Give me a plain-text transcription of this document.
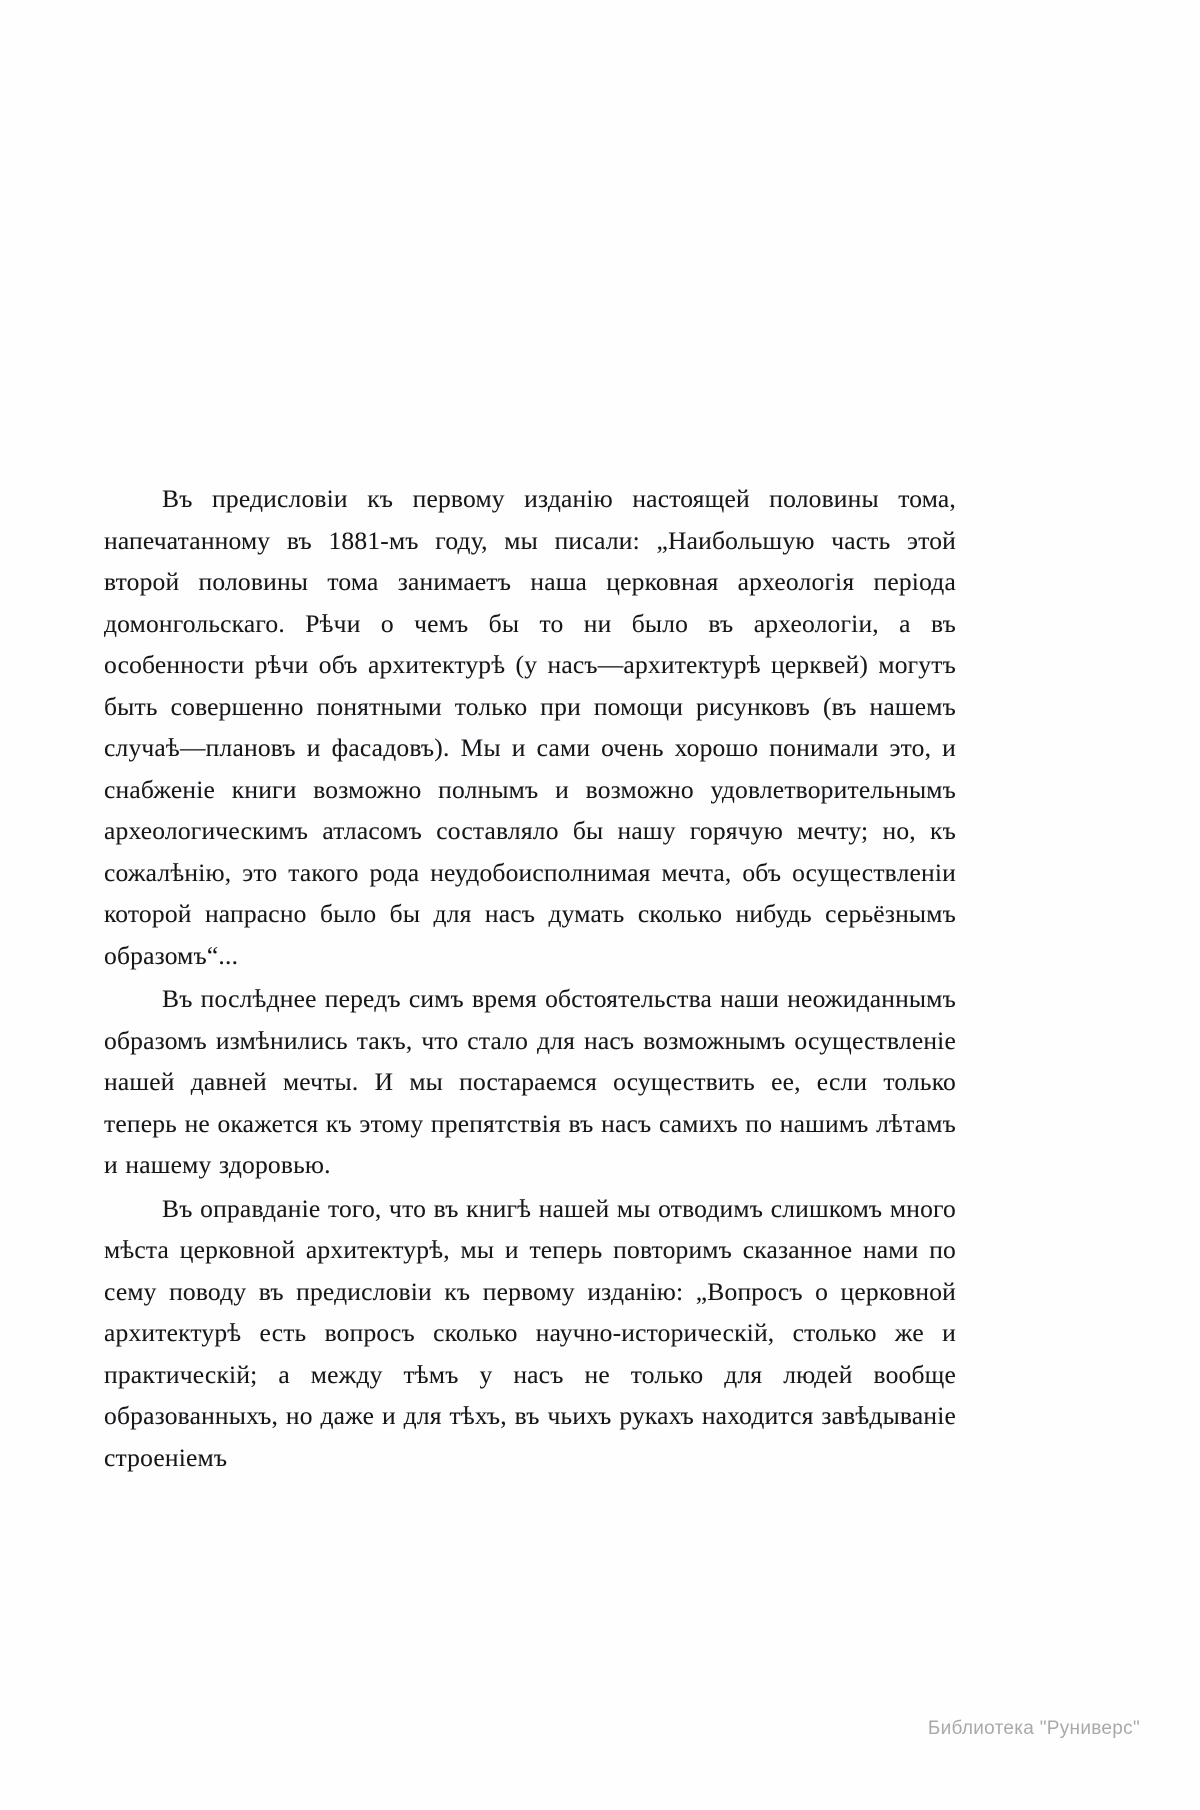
Въ предисловіи къ первому изданію настоящей половины тома, напечатанному въ 1881-мъ году, мы писали: „Наибольшую часть этой второй половины тома занимаетъ наша церковная археологія періода домонгольскаго. Рѣчи о чемъ бы то ни было въ археологіи, а въ особенности рѣчи объ архитектурѣ (у насъ—архитектурѣ церквей) могутъ быть совершенно понятными только при помощи рисунковъ (въ нашемъ случаѣ—плановъ и фасадовъ). Мы и сами очень хорошо понимали это, и снабженіе книги возможно полнымъ и возможно удовлетворительнымъ археологическимъ атласомъ составляло бы нашу горячую мечту; но, къ сожалѣнію, это такого рода неудобоисполнимая мечта, объ осуществленіи которой напрасно было бы для насъ думать сколько нибудь серьёзнымъ образомъ“...

Въ послѣднее передъ симъ время обстоятельства наши неожиданнымъ образомъ измѣнились такъ, что стало для насъ возможнымъ осуществленіе нашей давней мечты. И мы постараемся осуществить ее, если только теперь не окажется къ этому препятствія въ насъ самихъ по нашимъ лѣтамъ и нашему здоровью.

Въ оправданіе того, что въ книгѣ нашей мы отводимъ слишкомъ много мѣста церковной архитектурѣ, мы и теперь повторимъ сказанное нами по сему поводу въ предисловіи къ первому изданію: „Вопросъ о церковной архитектурѣ есть вопросъ сколько научно-историческій, столько же и практическій; а между тѣмъ у насъ не только для людей вообще образованныхъ, но даже и для тѣхъ, въ чьихъ рукахъ находится завѣдываніе строеніемъ

Библиотека "Руниверс"
